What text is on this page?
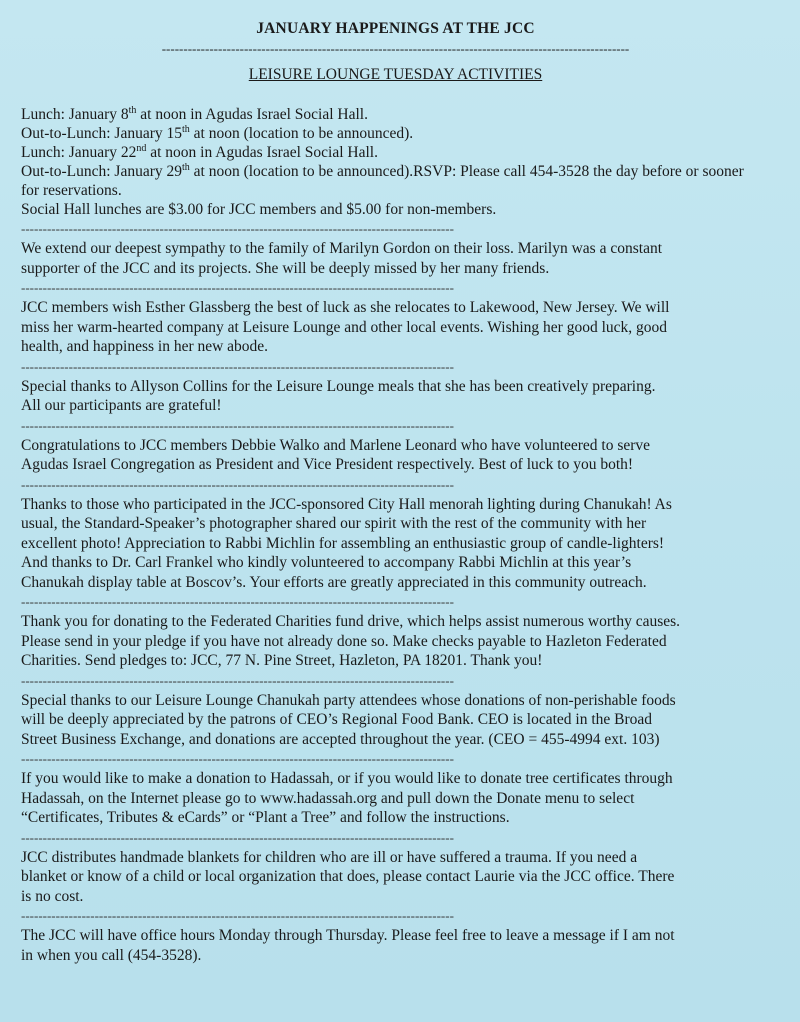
JANUARY HAPPENINGS AT THE JCC
------------------------------------------------------------------------------------------------------------
LEISURE LOUNGE TUESDAY ACTIVITIES
Lunch: January 8th at noon in Agudas Israel Social Hall.
Out-to-Lunch: January 15th at noon (location to be announced).
Lunch: January 22nd at noon in Agudas Israel Social Hall.
Out-to-Lunch: January 29th at noon (location to be announced).RSVP: Please call 454-3528 the day before or sooner for reservations.
Social Hall lunches are $3.00 for JCC members and $5.00 for non-members.
----------------------------------------------------------------------------------------------------

We extend our deepest sympathy to the family of Marilyn Gordon on their loss. Marilyn was a constant
supporter of the JCC and its projects. She will be deeply missed by her many friends.

----------------------------------------------------------------------------------------------------

JCC members wish Esther Glassberg the best of luck as she relocates to Lakewood, New Jersey. We will
miss her warm-hearted company at Leisure Lounge and other local events. Wishing her good luck, good
health, and happiness in her new abode.

----------------------------------------------------------------------------------------------------

Special thanks to Allyson Collins for the Leisure Lounge meals that she has been creatively preparing.
All our participants are grateful!

----------------------------------------------------------------------------------------------------

Congratulations to JCC members Debbie Walko and Marlene Leonard who have volunteered to serve
Agudas Israel Congregation as President and Vice President respectively. Best of luck to you both!

----------------------------------------------------------------------------------------------------

Thanks to those who participated in the JCC-sponsored City Hall menorah lighting during Chanukah! As
usual, the Standard-Speaker’s photographer shared our spirit with the rest of the community with her
excellent photo! Appreciation to Rabbi Michlin for assembling an enthusiastic group of candle-lighters!
And thanks to Dr. Carl Frankel who kindly volunteered to accompany Rabbi Michlin at this year’s
Chanukah display table at Boscov’s. Your efforts are greatly appreciated in this community outreach.

----------------------------------------------------------------------------------------------------

Thank you for donating to the Federated Charities fund drive, which helps assist numerous worthy causes.
Please send in your pledge if you have not already done so. Make checks payable to Hazleton Federated
Charities. Send pledges to: JCC, 77 N. Pine Street, Hazleton, PA 18201. Thank you!

----------------------------------------------------------------------------------------------------

Special thanks to our Leisure Lounge Chanukah party attendees whose donations of non-perishable foods
will be deeply appreciated by the patrons of CEO’s Regional Food Bank. CEO is located in the Broad
Street Business Exchange, and donations are accepted throughout the year. (CEO = 455-4994 ext. 103)

----------------------------------------------------------------------------------------------------

If you would like to make a donation to Hadassah, or if you would like to donate tree certificates through
Hadassah, on the Internet please go to www.hadassah.org and pull down the Donate menu to select
“Certificates, Tributes & eCards” or “Plant a Tree” and follow the instructions.

----------------------------------------------------------------------------------------------------

JCC distributes handmade blankets for children who are ill or have suffered a trauma. If you need a
blanket or know of a child or local organization that does, please contact Laurie via the JCC office. There
is no cost.

----------------------------------------------------------------------------------------------------

The JCC will have office hours Monday through Thursday. Please feel free to leave a message if I am not
in when you call (454-3528).
